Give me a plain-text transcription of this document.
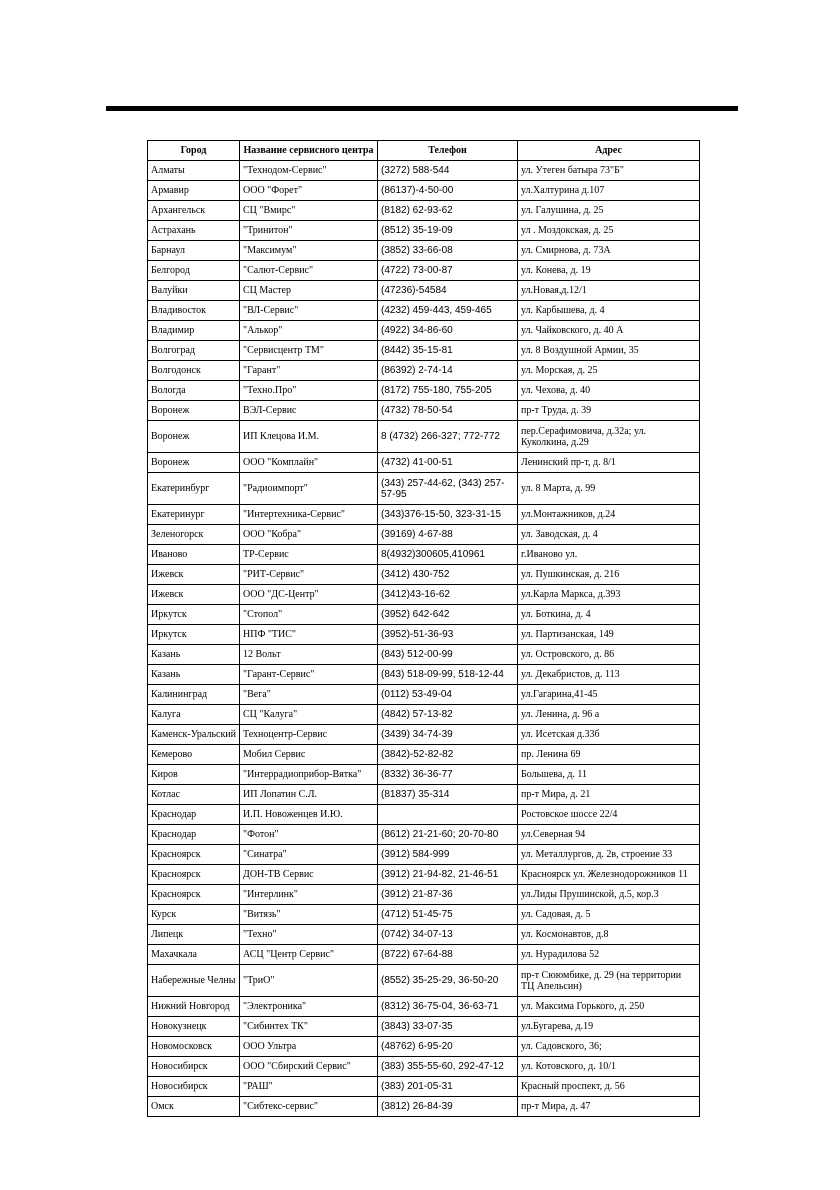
Город	Название сервисного центра	Телефон	Адрес
Алматы	"Технодом-Сервис"	(3272) 588-544	ул. Утеген батыра 73"Б"
Армавир	ООО "Форет"	(86137)-4-50-00	ул.Халтурина д.107
Архангельск	СЦ "Вмирс"	(8182) 62-93-62	ул. Галушина, д. 25
Астрахань	"Тринитон"	(8512) 35-19-09	ул . Моздокская, д. 25
Барнаул	"Максимум"	(3852) 33-66-08	ул. Смирнова, д. 73А
Белгород	"Салют-Сервис"	(4722) 73-00-87	ул. Конева, д. 19
Валуйки	СЦ Мастер	(47236)-54584	ул.Новая,д.12/1
Владивосток	"ВЛ-Сервис"	(4232) 459-443, 459-465	ул. Карбышева, д. 4
Владимир	"Алькор"	(4922) 34-86-60	ул. Чайковского, д. 40 А
Волгоград	"Сервисцентр ТМ"	(8442) 35-15-81	ул. 8 Воздушной Армии, 35
Волгодонск	"Гарант"	(86392) 2-74-14	ул. Морская, д. 25
Вологда	"Техно.Про"	(8172) 755-180, 755-205	ул. Чехова, д. 40
Воронеж	ВЭЛ-Сервис	(4732) 78-50-54	пр-т Труда, д. 39
Воронеж	ИП Клецова И.М.	8 (4732) 266-327; 772-772	пер.Серафимовича, д.32а; ул. Куколкина, д.29
Воронеж	ООО "Комплайн"	(4732) 41-00-51	Ленинский пр-т, д. 8/1
Екатеринбург	"Радиоимпорт"	(343) 257-44-62, (343) 257-57-95	ул. 8 Марта, д. 99
Екатеринург	"Интертехника-Сервис"	(343)376-15-50, 323-31-15	ул.Монтажников, д.24
Зеленогорск	ООО "Кобра"	(39169) 4-67-88	ул. Заводская, д. 4
Иваново	ТР-Сервис	8(4932)300605,410961	г.Иваново ул.
Ижевск	"РИТ-Сервис"	(3412) 430-752	ул. Пушкинская, д. 216
Ижевск	ООО "ДС-Центр"	(3412)43-16-62	ул.Карла Маркса, д.393
Иркутск	"Стопол"	(3952) 642-642	ул. Боткина, д. 4
Иркутск	НПФ "ТИС"	(3952)-51-36-93	ул. Партизанская, 149
Казань	12 Вольт	(843) 512-00-99	ул. Островского, д. 86
Казань	"Гарант-Сервис"	(843) 518-09-99, 518-12-44	ул. Декабристов, д. 113
Калининград	"Вега"	(0112) 53-49-04	ул.Гагарина,41-45
Калуга	СЦ "Калуга"	(4842) 57-13-82	ул. Ленина, д. 96 а
Каменск-Уральский	Техноцентр-Сервис	(3439) 34-74-39	ул. Исетская д.33б
Кемерово	Мобил Сервис	(3842)-52-82-82	пр. Ленина 69
Киров	"Интеррадиоприбор-Вятка"	(8332) 36-36-77	Большева, д. 11
Котлас	ИП Лопатин С.Л.	(81837) 35-314	пр-т Мира, д. 21
Краснодар	И.П. Новоженцев И.Ю.		Ростовское шоссе 22/4
Краснодар	"Фотон"	(8612) 21-21-60; 20-70-80	ул.Северная 94
Красноярск	"Синатра"	(3912) 584-999	ул. Металлургов, д. 2в, строение 33
Красноярск	ДОН-ТВ Сервис	(3912) 21-94-82, 21-46-51	Красноярск ул. Железнодорожников 11
Красноярск	"Интерлинк"	(3912) 21-87-36	ул.Лиды Прушинской, д.5, кор.3
Курск	"Витязь"	(4712) 51-45-75	ул. Садовая, д. 5
Липецк	"Техно"	(0742) 34-07-13	ул. Космонавтов, д.8
Махачкала	АСЦ "Центр Сервис"	(8722) 67-64-88	ул. Нурадилова 52
Набережные Челны	"ТриО"	(8552) 35-25-29, 36-50-20	пр-т Сююмбике, д. 29 (на территории ТЦ Апельсин)
Нижний Новгород	"Электроника"	(8312) 36-75-04, 36-63-71	ул. Максима Горького, д. 250
Новокузнецк	"Сибинтех ТК"	(3843) 33-07-35	ул.Бугарева, д.19
Новомосковск	ООО Ультра	(48762) 6-95-20	ул. Садовского, 36;
Новосибирск	ООО "Сбирский Сервис"	(383) 355-55-60, 292-47-12	ул. Котовского, д. 10/1
Новосибирск	"РАШ"	(383) 201-05-31	Красный проспект, д. 56
Омск	"Сибтекс-сервис"	(3812) 26-84-39	пр-т Мира, д. 47
